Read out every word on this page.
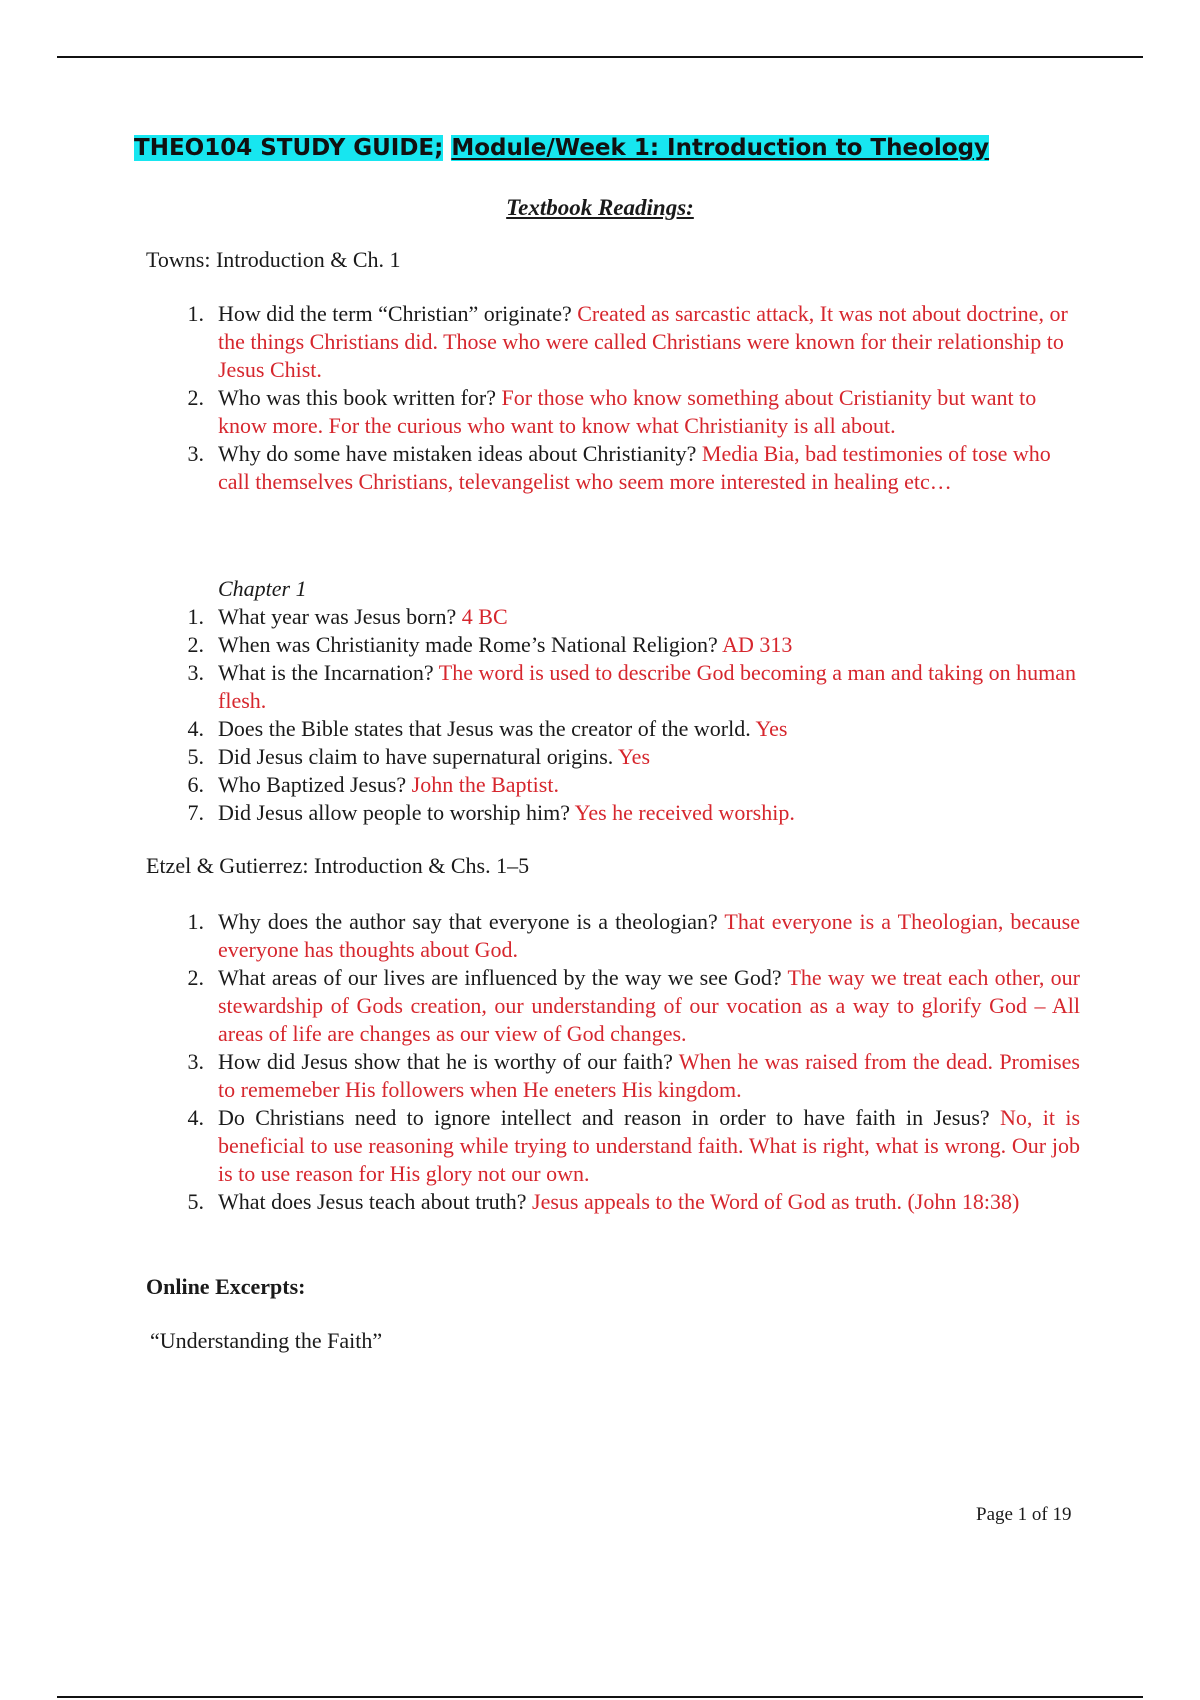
THEO104 STUDY GUIDE; Module/Week 1: Introduction to Theology
Textbook Readings:
Towns: Introduction & Ch. 1
1. How did the term “Christian” originate? Created as sarcastic attack, It was not about doctrine, or the things Christians did. Those who were called Christians were known for their relationship to Jesus Chist.
2. Who was this book written for? For those who know something about Cristianity but want to know more. For the curious who want to know what Christianity is all about.
3. Why do some have mistaken ideas about Christianity? Media Bia, bad testimonies of tose who call themselves Christians, televangelist who seem more interested in healing etc…
Chapter 1
1. What year was Jesus born? 4 BC
2. When was Christianity made Rome’s National Religion? AD 313
3. What is the Incarnation? The word is used to describe God becoming a man and taking on human flesh.
4. Does the Bible states that Jesus was the creator of the world. Yes
5. Did Jesus claim to have supernatural origins. Yes
6. Who Baptized Jesus? John the Baptist.
7. Did Jesus allow people to worship him? Yes he received worship.
Etzel & Gutierrez: Introduction & Chs. 1–5
1. Why does the author say that everyone is a theologian? That everyone is a Theologian, because everyone has thoughts about God.
2. What areas of our lives are influenced by the way we see God? The way we treat each other, our stewardship of Gods creation, our understanding of our vocation as a way to glorify God – All areas of life are changes as our view of God changes.
3. How did Jesus show that he is worthy of our faith? When he was raised from the dead. Promises to rememeber His followers when He eneters His kingdom.
4. Do Christians need to ignore intellect and reason in order to have faith in Jesus? No, it is beneficial to use reasoning while trying to understand faith. What is right, what is wrong. Our job is to use reason for His glory not our own.
5. What does Jesus teach about truth? Jesus appeals to the Word of God as truth. (John 18:38)
Online Excerpts:
“Understanding the Faith”
Page 1 of 19
